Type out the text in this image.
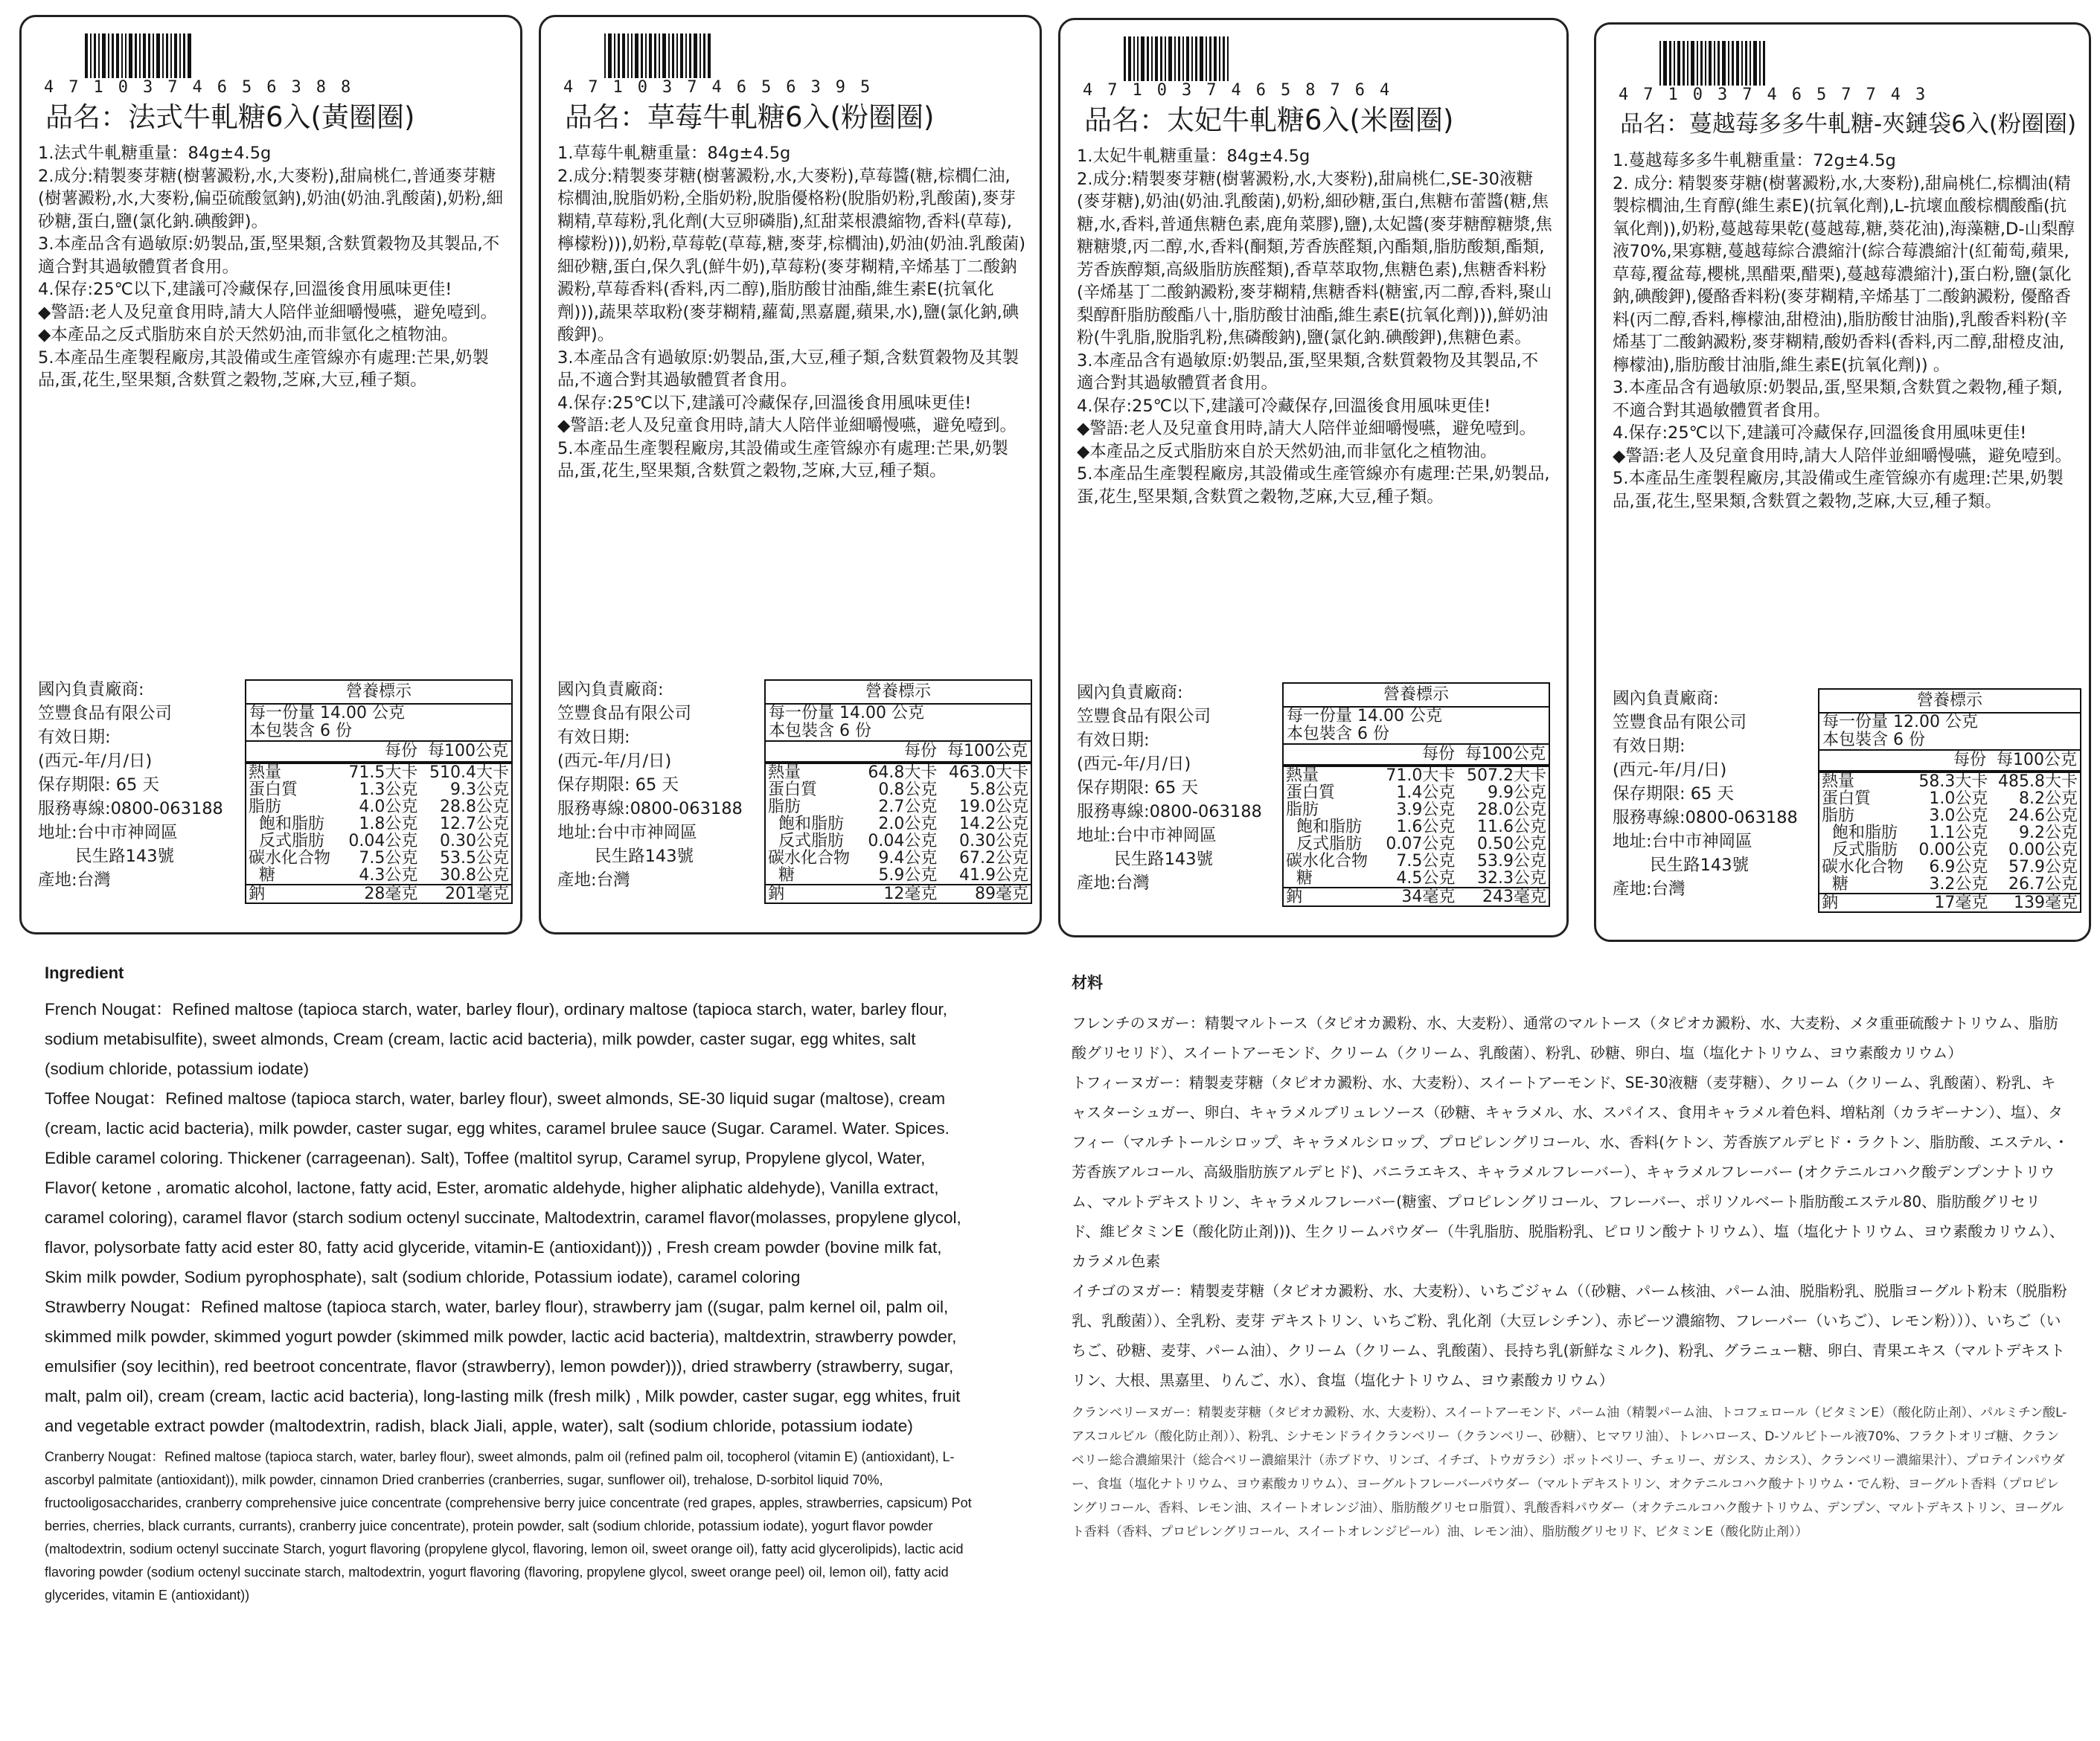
4710374656388
品名：法式牛軋糖6入(黃圈圈)
1.法式牛軋糖重量：84g±4.5g
2.成分:精製麥芽糖(樹薯澱粉,水,大麥粉),甜扁桃仁,普通麥芽糖(樹薯澱粉,水,大麥粉,偏亞硫酸氫鈉),奶油(奶油.乳酸菌),奶粉,細砂糖,蛋白,鹽(氯化鈉.碘酸鉀)。
3.本產品含有過敏原:奶製品,蛋,堅果類,含麩質穀物及其製品,不適合對其過敏體質者食用。
4.保存:25℃以下,建議可冷藏保存,回溫後食用風味更佳!
◆警語:老人及兒童食用時,請大人陪伴並細嚼慢嚥，避免噎到。
◆本產品之反式脂肪來自於天然奶油,而非氫化之植物油。
5.本產品生產製程廠房,其設備或生產管線亦有處理:芒果,奶製品,蛋,花生,堅果類,含麩質之穀物,芝麻,大豆,種子類。
國內負責廠商:
笠豐食品有限公司
有效日期:
(西元-年/月/日)
保存期限: 65 天
服務專線:0800-063188
地址:台中市神岡區
民生路143號
產地:台灣
營養標示
每一份量 14.00 公克
本包裝含 6 份
每份 每100公克
熱量	71.5大卡	510.4大卡
蛋白質	1.3公克	9.3公克
脂肪	4.0公克	28.8公克
飽和脂肪	1.8公克	12.7公克
反式脂肪	0.04公克	0.30公克
碳水化合物	7.5公克	53.5公克
糖	4.3公克	30.8公克
鈉	28毫克	201毫克
4710374656395
品名：草莓牛軋糖6入(粉圈圈)
1.草莓牛軋糖重量：84g±4.5g
2.成分:精製麥芽糖(樹薯澱粉,水,大麥粉),草莓醬(糖,棕櫚仁油,棕櫚油,脫脂奶粉,全脂奶粉,脫脂優格粉(脫脂奶粉,乳酸菌),麥芽糊精,草莓粉,乳化劑(大豆卵磷脂),紅甜菜根濃縮物,香料(草莓),檸檬粉))),奶粉,草莓乾(草莓,糖,麥芽,棕櫚油),奶油(奶油.乳酸菌)細砂糖,蛋白,保久乳(鮮牛奶),草莓粉(麥芽糊精,辛烯基丁二酸鈉澱粉,草莓香料(香料,丙二醇),脂肪酸甘油酯,維生素E(抗氧化劑))),蔬果萃取粉(麥芽糊精,蘿蔔,黑嘉麗,蘋果,水),鹽(氯化鈉,碘酸鉀)。
3.本產品含有過敏原:奶製品,蛋,大豆,種子類,含麩質穀物及其製品,不適合對其過敏體質者食用。
4.保存:25℃以下,建議可冷藏保存,回溫後食用風味更佳!
◆警語:老人及兒童食用時,請大人陪伴並細嚼慢嚥，避免噎到。
5.本產品生產製程廠房,其設備或生產管線亦有處理:芒果,奶製品,蛋,花生,堅果類,含麩質之穀物,芝麻,大豆,種子類。
國內負責廠商:
笠豐食品有限公司
有效日期:
(西元-年/月/日)
保存期限: 65 天
服務專線:0800-063188
地址:台中市神岡區
民生路143號
產地:台灣
營養標示
每一份量 14.00 公克
本包裝含 6 份
每份 每100公克
熱量	64.8大卡	463.0大卡
蛋白質	0.8公克	5.8公克
脂肪	2.7公克	19.0公克
飽和脂肪	2.0公克	14.2公克
反式脂肪	0.04公克	0.30公克
碳水化合物	9.4公克	67.2公克
糖	5.9公克	41.9公克
鈉	12毫克	89毫克
4710374658764
品名：太妃牛軋糖6入(米圈圈)
1.太妃牛軋糖重量：84g±4.5g
2.成分:精製麥芽糖(樹薯澱粉,水,大麥粉),甜扁桃仁,SE-30液糖(麥芽糖),奶油(奶油.乳酸菌),奶粉,細砂糖,蛋白,焦糖布蕾醬(糖,焦糖,水,香料,普通焦糖色素,鹿角菜膠),鹽),太妃醬(麥芽糖醇糖漿,焦糖糖漿,丙二醇,水,香料(酮類,芳香族醛類,內酯類,脂肪酸類,酯類,芳香族醇類,高級脂肪族醛類),香草萃取物,焦糖色素),焦糖香料粉(辛烯基丁二酸鈉澱粉,麥芽糊精,焦糖香料(糖蜜,丙二醇,香料,聚山梨醇酐脂肪酸酯八十,脂肪酸甘油酯,維生素E(抗氧化劑))),鮮奶油粉(牛乳脂,脫脂乳粉,焦磷酸鈉),鹽(氯化鈉.碘酸鉀),焦糖色素。
3.本產品含有過敏原:奶製品,蛋,堅果類,含麩質穀物及其製品,不適合對其過敏體質者食用。
4.保存:25℃以下,建議可冷藏保存,回溫後食用風味更佳!
◆警語:老人及兒童食用時,請大人陪伴並細嚼慢嚥，避免噎到。
◆本產品之反式脂肪來自於天然奶油,而非氫化之植物油。
5.本產品生產製程廠房,其設備或生產管線亦有處理:芒果,奶製品,蛋,花生,堅果類,含麩質之穀物,芝麻,大豆,種子類。
國內負責廠商:
笠豐食品有限公司
有效日期:
(西元-年/月/日)
保存期限: 65 天
服務專線:0800-063188
地址:台中市神岡區
民生路143號
產地:台灣
營養標示
每一份量 14.00 公克
本包裝含 6 份
每份 每100公克
熱量	71.0大卡	507.2大卡
蛋白質	1.4公克	9.9公克
脂肪	3.9公克	28.0公克
飽和脂肪	1.6公克	11.6公克
反式脂肪	0.07公克	0.50公克
碳水化合物	7.5公克	53.9公克
糖	4.5公克	32.3公克
鈉	34毫克	243毫克
4710374657743
品名：蔓越莓多多牛軋糖-夾鏈袋6入(粉圈圈)
1.蔓越莓多多牛軋糖重量：72g±4.5g
2. 成分: 精製麥芽糖(樹薯澱粉,水,大麥粉),甜扁桃仁,棕櫚油(精製棕櫚油,生育醇(維生素E)(抗氧化劑),L-抗壞血酸棕櫚酸酯(抗氧化劑)),奶粉,蔓越莓果乾(蔓越莓,糖,葵花油),海藻糖,D-山梨醇液70%,果寡糖,蔓越莓綜合濃縮汁(綜合莓濃縮汁(紅葡萄,蘋果,草莓,覆盆莓,櫻桃,黑醋栗,醋栗),蔓越莓濃縮汁),蛋白粉,鹽(氯化鈉,碘酸鉀),優酪香料粉(麥芽糊精,辛烯基丁二酸鈉澱粉, 優酪香料(丙二醇,香料,檸檬油,甜橙油),脂肪酸甘油脂),乳酸香料粉(辛烯基丁二酸鈉澱粉,麥芽糊精,酸奶香料(香料,丙二醇,甜橙皮油,檸檬油),脂肪酸甘油脂,維生素E(抗氧化劑)) 。
3.本產品含有過敏原:奶製品,蛋,堅果類,含麩質之穀物,種子類,不適合對其過敏體質者食用。
4.保存:25℃以下,建議可冷藏保存,回溫後食用風味更佳!
◆警語:老人及兒童食用時,請大人陪伴並細嚼慢嚥，避免噎到。
5.本產品生產製程廠房,其設備或生產管線亦有處理:芒果,奶製品,蛋,花生,堅果類,含麩質之穀物,芝麻,大豆,種子類。
國內負責廠商:
笠豐食品有限公司
有效日期:
(西元-年/月/日)
保存期限: 65 天
服務專線:0800-063188
地址:台中市神岡區
民生路143號
產地:台灣
營養標示
每一份量 12.00 公克
本包裝含 6 份
每份 每100公克
熱量	58.3大卡	485.8大卡
蛋白質	1.0公克	8.2公克
脂肪	3.0公克	24.6公克
飽和脂肪	1.1公克	9.2公克
反式脂肪	0.00公克	0.00公克
碳水化合物	6.9公克	57.9公克
糖	3.2公克	26.7公克
鈉	17毫克	139毫克
Ingredient
French Nougat：Refined maltose (tapioca starch, water, barley flour), ordinary maltose (tapioca starch, water, barley flour, sodium metabisulfite), sweet almonds, Cream (cream, lactic acid bacteria), milk powder, caster sugar, egg whites, salt (sodium chloride, potassium iodate)
Toffee Nougat：Refined maltose (tapioca starch, water, barley flour), sweet almonds, SE-30 liquid sugar (maltose), cream (cream, lactic acid bacteria), milk powder, caster sugar, egg whites, caramel brulee sauce (Sugar. Caramel. Water. Spices. Edible caramel coloring. Thickener (carrageenan). Salt), Toffee (maltitol syrup, Caramel syrup, Propylene glycol, Water, Flavor( ketone , aromatic alcohol, lactone, fatty acid, Ester, aromatic aldehyde, higher aliphatic aldehyde), Vanilla extract, caramel coloring), caramel flavor (starch sodium octenyl succinate, Maltodextrin, caramel flavor(molasses, propylene glycol, flavor, polysorbate fatty acid ester 80, fatty acid glyceride, vitamin-E (antioxidant))) , Fresh cream powder (bovine milk fat, Skim milk powder, Sodium pyrophosphate), salt (sodium chloride, Potassium iodate), caramel coloring
Strawberry Nougat：Refined maltose (tapioca starch, water, barley flour), strawberry jam ((sugar, palm kernel oil, palm oil, skimmed milk powder, skimmed yogurt powder (skimmed milk powder, lactic acid bacteria), maltdextrin, strawberry powder, emulsifier (soy lecithin), red beetroot concentrate, flavor (strawberry), lemon powder))), dried strawberry (strawberry, sugar, malt, palm oil), cream (cream, lactic acid bacteria), long-lasting milk (fresh milk) , Milk powder, caster sugar, egg whites, fruit and vegetable extract powder (maltodextrin, radish, black Jiali, apple, water), salt (sodium chloride, potassium iodate)
Cranberry Nougat：Refined maltose (tapioca starch, water, barley flour), sweet almonds, palm oil (refined palm oil, tocopherol (vitamin E) (antioxidant), L-ascorbyl palmitate (antioxidant)), milk powder, cinnamon Dried cranberries (cranberries, sugar, sunflower oil), trehalose, D-sorbitol liquid 70%, fructooligosaccharides, cranberry comprehensive juice concentrate (comprehensive berry juice concentrate (red grapes, apples, strawberries, capsicum) Pot berries, cherries, black currants, currants), cranberry juice concentrate), protein powder, salt (sodium chloride, potassium iodate), yogurt flavor powder (maltodextrin, sodium octenyl succinate Starch, yogurt flavoring (propylene glycol, flavoring, lemon oil, sweet orange oil), fatty acid glycerolipids), lactic acid flavoring powder (sodium octenyl succinate starch, maltodextrin, yogurt flavoring (flavoring, propylene glycol, sweet orange peel) oil, lemon oil), fatty acid glycerides, vitamin E (antioxidant))
材料
フレンチのヌガー：精製マルトース（タピオカ澱粉、水、大麦粉）、通常のマルトース（タピオカ澱粉、水、大麦粉、メタ重亜硫酸ナトリウム、脂肪酸グリセリド）、スイートアーモンド、クリーム（クリーム、乳酸菌）、粉乳、砂糖、卵白、塩（塩化ナトリウム、ヨウ素酸カリウム）
トフィーヌガー：精製麦芽糖（タピオカ澱粉、水、大麦粉）、スイートアーモンド、SE-30液糖（麦芽糖）、クリーム（クリーム、乳酸菌）、粉乳、キャスターシュガー、卵白、キャラメルブリュレソース（砂糖、キャラメル、水、スパイス、食用キャラメル着色料、増粘剤（カラギーナン）、塩）、タフィー（マルチトールシロップ、キャラメルシロップ、プロピレングリコール、水、香料(ケトン、芳香族アルデヒド・ラクトン、脂肪酸、エステル、・芳香族アルコール、高級脂肪族アルデヒド)、バニラエキス、キャラメルフレーバー）、キャラメルフレーバー (オクテニルコハク酸デンプンナトリウム、マルトデキストリン、キャラメルフレーバー(糖蜜、プロピレングリコール、フレーバー、ポリソルベート脂肪酸エステル80、脂肪酸グリセリド、維ビタミンE（酸化防止剤)))、生クリームパウダー（牛乳脂肪、脱脂粉乳、ピロリン酸ナトリウム）、塩（塩化ナトリウム、ヨウ素酸カリウム）、カラメル色素
イチゴのヌガー：精製麦芽糖（タピオカ澱粉、水、大麦粉）、いちごジャム（（砂糖、パーム核油、パーム油、脱脂粉乳、脱脂ヨーグルト粉末（脱脂粉乳、乳酸菌））、全乳粉、麦芽 デキストリン、いちご粉、乳化剤（大豆レシチン）、赤ビーツ濃縮物、フレーバー（いちご）、レモン粉）））、いちご（いちご、砂糖、麦芽、パーム油）、クリーム（クリーム、乳酸菌）、長持ち乳(新鮮なミルク)、粉乳、グラニュー糖、卵白、青果エキス（マルトデキストリン、大根、黒嘉里、りんご、水）、食塩（塩化ナトリウム、ヨウ素酸カリウム）
クランベリーヌガー：精製麦芽糖（タピオカ澱粉、水、大麦粉）、スイートアーモンド、パーム油（精製パーム油、トコフェロール（ビタミンE）（酸化防止剤）、パルミチン酸L-アスコルビル（酸化防止剤））、粉乳、シナモンドライクランベリー（クランベリー、砂糖）、ヒマワリ油）、トレハロース、D-ソルビトール液70%、フラクトオリゴ糖、クランベリー総合濃縮果汁（総合ベリー濃縮果汁（赤ブドウ、リンゴ、イチゴ、トウガラシ）ポットベリー、チェリー、ガシス、カシス）、クランベリー濃縮果汁）、プロテインパウダー、食塩（塩化ナトリウム、ヨウ素酸カリウム）、ヨーグルトフレーバーパウダー（マルトデキストリン、オクテニルコハク酸ナトリウム・でん粉、ヨーグルト香料（プロピレングリコール、香料、レモン油、スイートオレンジ油）、脂肪酸グリセロ脂質）、乳酸香料パウダー（オクテニルコハク酸ナトリウム、デンプン、マルトデキストリン、ヨーグルト香料（香料、プロピレングリコール、スイートオレンジピール）油、レモン油）、脂肪酸グリセリド、ビタミンE（酸化防止剤））
